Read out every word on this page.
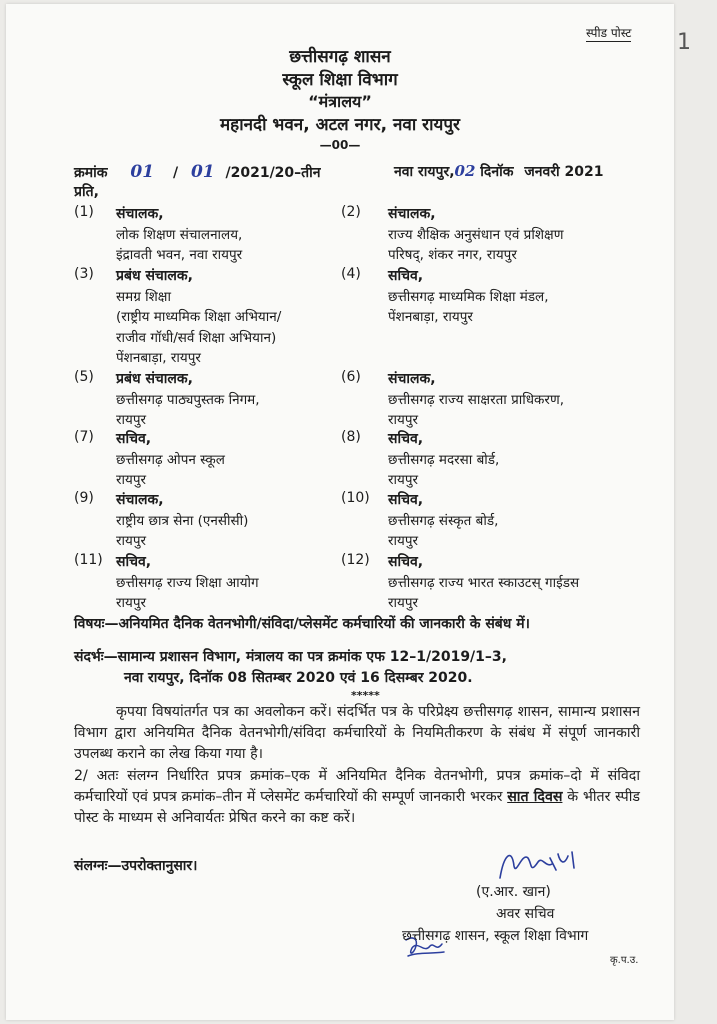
स्पीड पोस्ट
छत्तीसगढ़ शासन
स्कूल शिक्षा विभाग
“मंत्रालय”
महानदी भवन, अटल नगर, नवा रायपुर
—00—
क्रमांक 01 / 01 /2021/20–तीन	नवा रायपुर,02 दिनॉक जनवरी 2021
प्रति,
(1) संचालक,
लोक शिक्षण संचालनालय,
इंद्रावती भवन, नवा रायपुर
(2) संचालक,
राज्य शैक्षिक अनुसंधान एवं प्रशिक्षण
परिषद्, शंकर नगर, रायपुर
(3) प्रबंध संचालक,
समग्र शिक्षा
(राष्ट्रीय माध्यमिक शिक्षा अभियान/
राजीव गॉधी/सर्व शिक्षा अभियान)
पेंशनबाड़ा, रायपुर
(4) सचिव,
छत्तीसगढ़ माध्यमिक शिक्षा मंडल,
पेंशनबाड़ा, रायपुर
(5) प्रबंध संचालक,
छत्तीसगढ़ पाठ्यपुस्तक निगम,
रायपुर
(6) संचालक,
छत्तीसगढ़ राज्य साक्षरता प्राधिकरण,
रायपुर
(7) सचिव,
छत्तीसगढ़ ओपन स्कूल
रायपुर
(8) सचिव,
छत्तीसगढ़ मदरसा बोर्ड,
रायपुर
(9) संचालक,
राष्ट्रीय छात्र सेना (एनसीसी)
रायपुर
(10) सचिव,
छत्तीसगढ़ संस्कृत बोर्ड,
रायपुर
(11) सचिव,
छत्तीसगढ़ राज्य शिक्षा आयोग
रायपुर
(12) सचिव,
छत्तीसगढ़ राज्य भारत स्काउटस् गाईडस
रायपुर
विषयः—अनियमित दैनिक वेतनभोगी/संविदा/प्लेसमेंट कर्मचारियों की जानकारी के संबंध में।
संदर्भः—सामान्य प्रशासन विभाग, मंत्रालय का पत्र क्रमांक एफ 12–1/2019/1–3,
नवा रायपुर, दिनॉक 08 सितम्बर 2020 एवं 16 दिसम्बर 2020.
*****
कृपया विषयांतर्गत पत्र का अवलोकन करें। संदर्भित पत्र के परिप्रेक्ष्य छत्तीसगढ़ शासन, सामान्य प्रशासन विभाग द्वारा अनियमित दैनिक वेतनभोगी/संविदा कर्मचारियों के नियमितीकरण के संबंध में संपूर्ण जानकारी उपलब्ध कराने का लेख किया गया है।
2/ अतः संलग्न निर्धारित प्रपत्र क्रमांक–एक में अनियमित दैनिक वेतनभोगी, प्रपत्र क्रमांक–दो में संविदा कर्मचारियों एवं प्रपत्र क्रमांक–तीन में प्लेसमेंट कर्मचारियों की सम्पूर्ण जानकारी भरकर सात दिवस के भीतर स्पीड पोस्ट के माध्यम से अनिवार्यतः प्रेषित करने का कष्ट करें।
संलग्नः—उपरोक्तानुसार।
(ए.आर. खान)
अवर सचिव
छत्तीसगढ़ शासन, स्कूल शिक्षा विभाग
कृ.प.उ.
1
